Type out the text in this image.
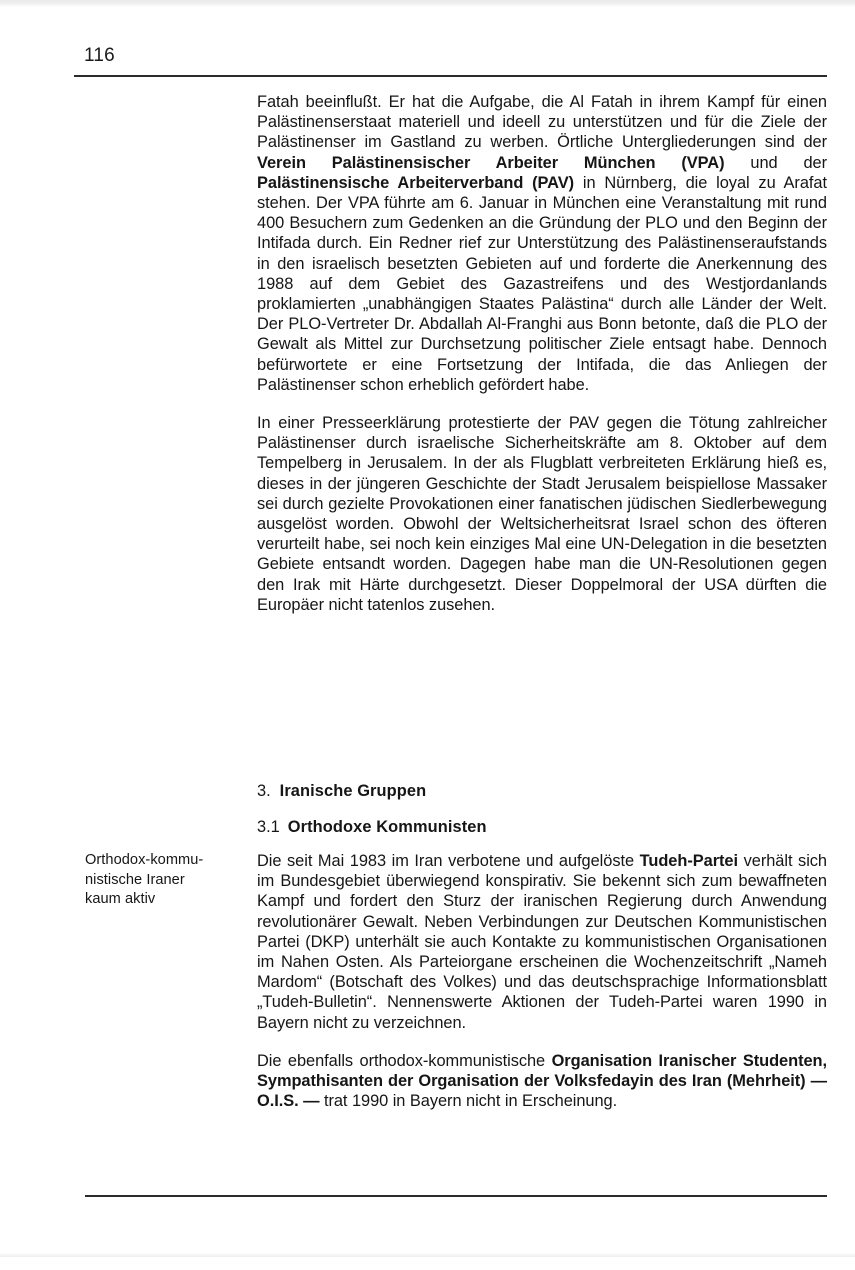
116

Fatah beeinflußt. Er hat die Aufgabe, die Al Fatah in ihrem Kampf für einen Palästinenserstaat materiell und ideell zu unterstützen und für die Ziele der Palästinenser im Gastland zu werben. Örtliche Untergliederungen sind der Verein Palästinensischer Arbeiter München (VPA) und der Palästinensische Arbeiterverband (PAV) in Nürnberg, die loyal zu Arafat stehen. Der VPA führte am 6. Januar in München eine Veranstaltung mit rund 400 Besuchern zum Gedenken an die Gründung der PLO und den Beginn der Intifada durch. Ein Redner rief zur Unterstützung des Palästinenseraufstands in den israelisch besetzten Gebieten auf und forderte die Anerkennung des 1988 auf dem Gebiet des Gazastreifens und des Westjordanlands proklamierten „unabhängigen Staates Palästina“ durch alle Länder der Welt. Der PLO-Vertreter Dr. Abdallah Al-Franghi aus Bonn betonte, daß die PLO der Gewalt als Mittel zur Durchsetzung politischer Ziele entsagt habe. Dennoch befürwortete er eine Fortsetzung der Intifada, die das Anliegen der Palästinenser schon erheblich gefördert habe.

In einer Presseerklärung protestierte der PAV gegen die Tötung zahlreicher Palästinenser durch israelische Sicherheitskräfte am 8. Oktober auf dem Tempelberg in Jerusalem. In der als Flugblatt verbreiteten Erklärung hieß es, dieses in der jüngeren Geschichte der Stadt Jerusalem beispiellose Massaker sei durch gezielte Provokationen einer fanatischen jüdischen Siedlerbewegung ausgelöst worden. Obwohl der Weltsicherheitsrat Israel schon des öfteren verurteilt habe, sei noch kein einziges Mal eine UN-Delegation in die besetzten Gebiete entsandt worden. Dagegen habe man die UN-Resolutionen gegen den Irak mit Härte durchgesetzt. Dieser Doppelmoral der USA dürften die Europäer nicht tatenlos zusehen.

3. Iranische Gruppen
3.1 Orthodoxe Kommunisten
Orthodox-kommu-
nistische Iraner
kaum aktiv

Die seit Mai 1983 im Iran verbotene und aufgelöste Tudeh-Partei verhält sich im Bundesgebiet überwiegend konspirativ. Sie bekennt sich zum bewaffneten Kampf und fordert den Sturz der iranischen Regierung durch Anwendung revolutionärer Gewalt. Neben Verbindungen zur Deutschen Kommunistischen Partei (DKP) unterhält sie auch Kontakte zu kommunistischen Organisationen im Nahen Osten. Als Parteiorgane erscheinen die Wochenzeitschrift „Nameh Mardom“ (Botschaft des Volkes) und das deutschsprachige Informationsblatt „Tudeh-Bulletin“. Nennenswerte Aktionen der Tudeh-Partei waren 1990 in Bayern nicht zu verzeichnen.

Die ebenfalls orthodox-kommunistische Organisation Iranischer Studenten, Sympathisanten der Organisation der Volksfedayin des Iran (Mehrheit) — O.I.S. — trat 1990 in Bayern nicht in Erscheinung.
